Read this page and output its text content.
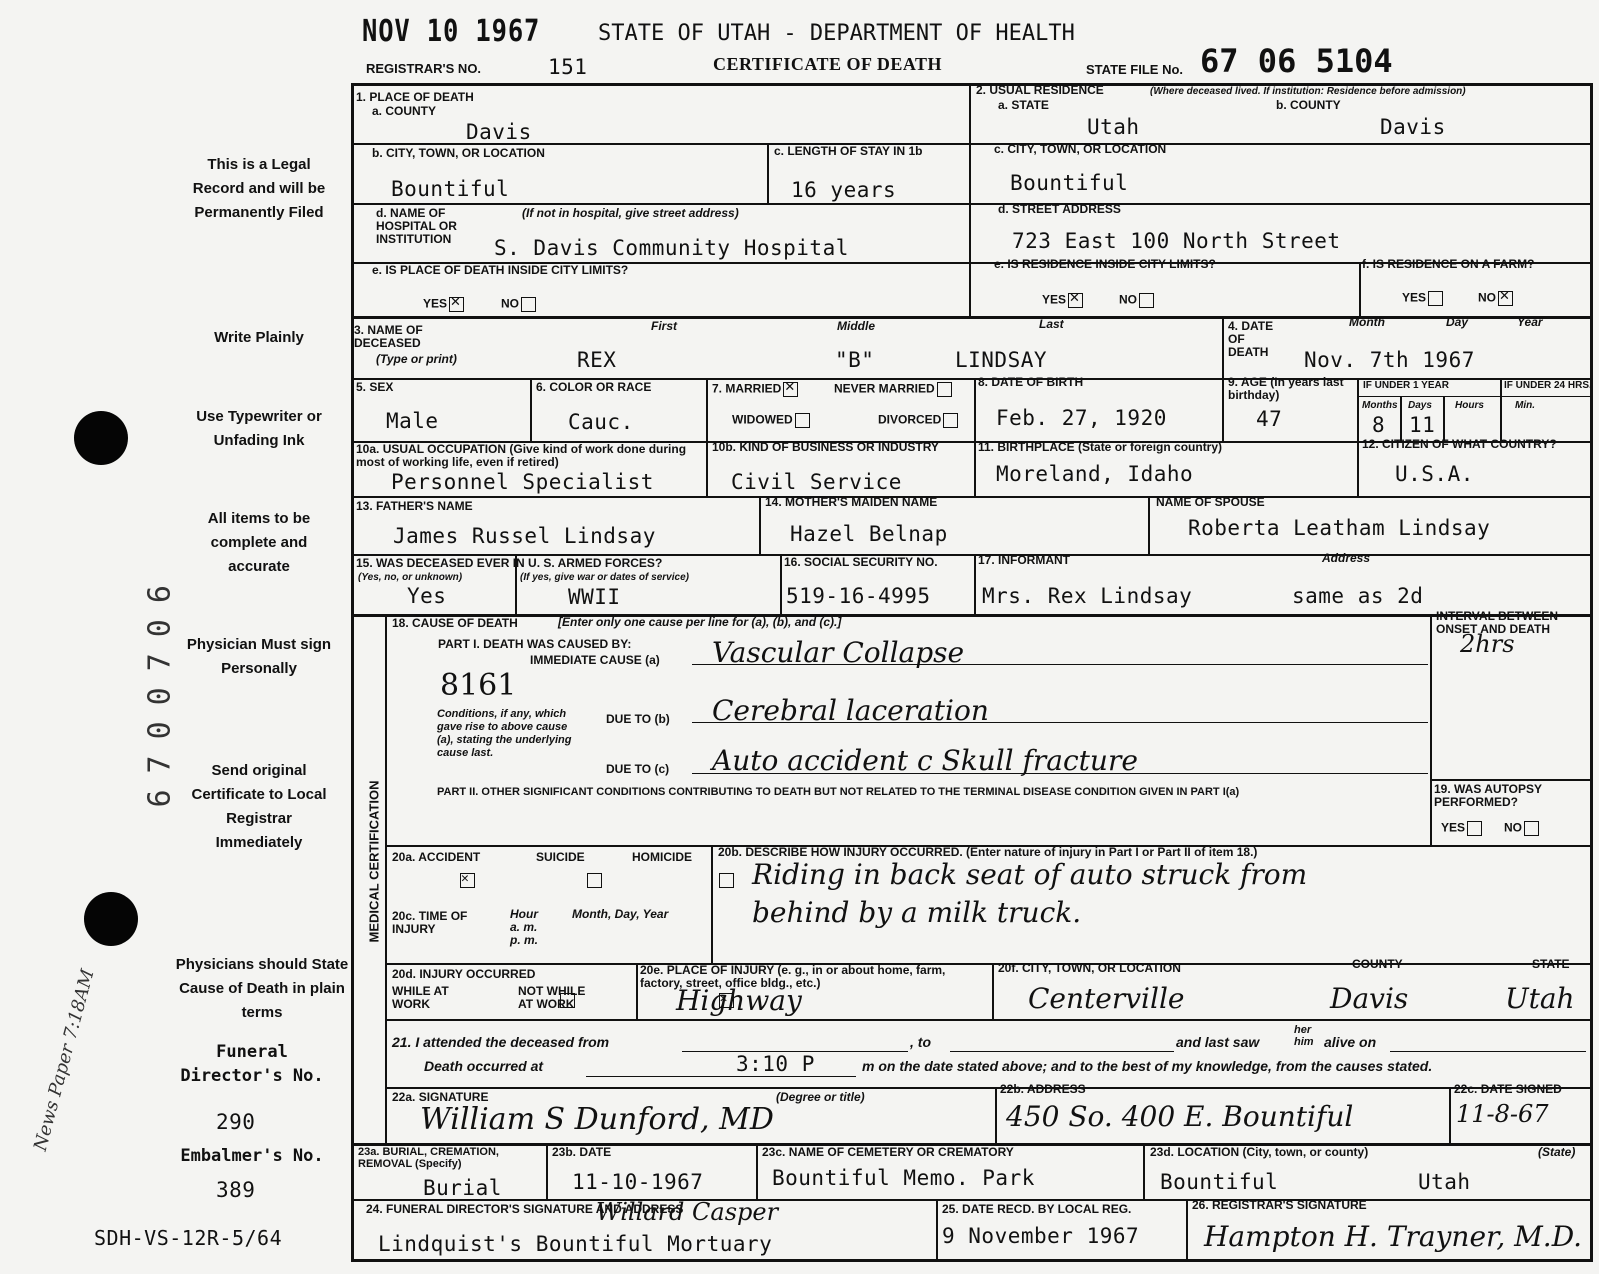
NOV 10 1967	STATE OF UTAH - DEPARTMENT OF HEALTH
REGISTRAR'S NO.	151	CERTIFICATE OF DEATH	STATE FILE No. 67 06 5104
This is a Legal Record and will be Permanently Filed
Write Plainly
Use Typewriter or Unfading Ink
All items to be complete and accurate
Physician Must sign Personally
Send original Certificate to Local Registrar Immediately
Physicians should State Cause of Death in plain terms
Funeral Director's No.
290
Embalmer's No.
389
SDH-VS-12R-5/64
6700706
News Paper 7:18AM
1. PLACE OF DEATH
a. COUNTY
Davis
2. USUAL RESIDENCE	(Where deceased lived. If institution: Residence before admission)
a. STATE	b. COUNTY
Utah	Davis
b. CITY, TOWN, OR LOCATION
Bountiful
c. LENGTH OF STAY IN 1b
16 years
c. CITY, TOWN, OR LOCATION
Bountiful
d. NAME OF HOSPITAL OR INSTITUTION
(If not in hospital, give street address)
S. Davis Community Hospital
d. STREET ADDRESS
723 East 100 North Street
e. IS PLACE OF DEATH INSIDE CITY LIMITS?
YES ✕	NO
e. IS RESIDENCE INSIDE CITY LIMITS?
YES ✕	NO
f. IS RESIDENCE ON A FARM?
YES	NO✕
3. NAME OF DECEASED
(Type or print)
First	Middle	Last
REX	"B"	LINDSAY
4. DATE OF DEATH
Month	Day	Year
Nov. 7th 1967
5. SEX
Male
6. COLOR OR RACE
Cauc.
7. MARRIED ✕	NEVER MARRIED
WIDOWED	DIVORCED
8. DATE OF BIRTH
Feb. 27, 1920
9. AGE (In years last birthday)
47
IF UNDER 1 YEAR	IF UNDER 24 HRS.
Months Days Hours	Min.
8 11
10a. USUAL OCCUPATION (Give kind of work done during most of working life, even if retired)
Personnel Specialist
10b. KIND OF BUSINESS OR INDUSTRY
Civil Service
11. BIRTHPLACE (State or foreign country)
Moreland, Idaho
12. CITIZEN OF WHAT COUNTRY?
U.S.A.
13. FATHER'S NAME
James Russel Lindsay
14. MOTHER'S MAIDEN NAME
Hazel Belnap
NAME OF SPOUSE
Roberta Leatham Lindsay
15. WAS DECEASED EVER IN U. S. ARMED FORCES?
(Yes, no, or unknown)	(If yes, give war or dates of service)
Yes	WWII
16. SOCIAL SECURITY NO.
519-16-4995
17. INFORMANT	Address
Mrs. Rex Lindsay	same as 2d
MEDICAL CERTIFICATION
18. CAUSE OF DEATH	[Enter only one cause per line for (a), (b), and (c).]
PART I. DEATH WAS CAUSED BY:
IMMEDIATE CAUSE (a) Vascular Collapse
INTERVAL BETWEEN ONSET AND DEATH
2hrs
8161
Conditions, if any, which gave rise to above cause (a), stating the underlying cause last.
DUE TO (b) Cerebral laceration
DUE TO (c) Auto accident c Skull fracture
PART II. OTHER SIGNIFICANT CONDITIONS CONTRIBUTING TO DEATH BUT NOT RELATED TO THE TERMINAL DISEASE CONDITION GIVEN IN PART I(a)	19. WAS AUTOPSY PERFORMED?
YES	NO
20a. ACCIDENT
✕	SUICIDE
	HOMICIDE
20b. DESCRIBE HOW INJURY OCCURRED. (Enter nature of injury in Part I or Part II of item 18.)
Riding in back seat of auto struck from
behind by a milk truck.
20c. TIME OF INJURY
Hour a. m. p. m.
Month, Day, Year
20d. INJURY OCCURRED
WHILE AT WORK

NOT WHILE AT WORK
✕
20e. PLACE OF INJURY (e. g., in or about home, farm, factory, street, office bldg., etc.)
Highway
20f. CITY, TOWN, OR LOCATION	COUNTY	STATE
Centerville	Davis	Utah
21. I attended the deceased from	, to	and last saw
her him alive on
Death occurred at	3:10 P	m on the date stated above; and to the best of my knowledge, from the causes stated.
22a. SIGNATURE	(Degree or title)
William S Dunford, MD
22b. ADDRESS
450 So. 400 E. Bountiful
22c. DATE SIGNED
11-8-67
23a. BURIAL, CREMATION, REMOVAL (Specify)
Burial
23b. DATE
11-10-1967
23c. NAME OF CEMETERY OR CREMATORY
Bountiful Memo. Park
23d. LOCATION (City, town, or county)	(State)
Bountiful	Utah
24. FUNERAL DIRECTOR'S SIGNATURE AND ADDRESS
Willard Casper
Lindquist's Bountiful Mortuary
25. DATE RECD. BY LOCAL REG.
9 November 1967
26. REGISTRAR'S SIGNATURE
Hampton H. Trayner, M.D.
